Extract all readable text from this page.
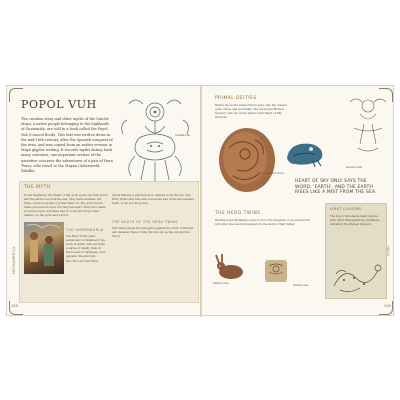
POPOL VUH
The creation story and other myths of the Quiché Maya, a native people belonging to the highlands of Guatemala, are told in a book called the Popol Vuh (Council Book). This text was written down in the mid-16th century, after the Spanish conquest of the area, and was copied from an earlier version in Maya glyphic writing. It records myths dating back many centuries; one important section of the narrative concerns the adventures of a pair of Hero Twins, who travel to the Mayan Underworld, Xibalba.
Quetzalcoatl
THE MYTH
In the beginning, the Heart of Sky gods spoke the first words and the earth rose from the sea. They made animals, but these could not speak or praise them. So the gods tried to make people from mud, but they fell apart. Then they made wooden people, but these had no souls and forgot their makers, so the gods sent a flood.
Hero Twins and their father
THE UNDERWORLD
The Hero Twins were summoned to Xibalba by the lords of death, who set them a series of deadly trials in the houses of darkness, cold, jaguars, fire and bats.
Seven Macaw, a vain bird-god, claimed to be the sun. The Hero Twins shot him with a blowgun and broke his jewelled teeth, so he lost his power.
THE DEATH OF THE HERO TWINS
The twins played the ball game against the lords of Xibalba and defeated them, rising into the sky as the sun and the moon.
MESOAMERICA
288
PRIMAL DEITIES
Before the world existed there were only the creator gods, Tepeu and Gucumatz, the Sovereign Plumed Serpent, who lay in the waters with Heart of Sky, Huracan.
Plumed Serpent stone
Serpent head
HEART OF SKY ONLY SAYS THE WORD, 'EARTH', AND THE EARTH RISES LIKE A MIST FROM THE SEA.
THE HERO TWINS
Hunahpu and Xbalanque were born to the daughter of an underworld lord after she was impregnated by the skull of their father.
Rabbit scribe
Painted vase
FIRST COUSINS
The Popol Vuh shares many figures with other Mesoamerican traditions, including the Plumed Serpent.
MAYA
289
